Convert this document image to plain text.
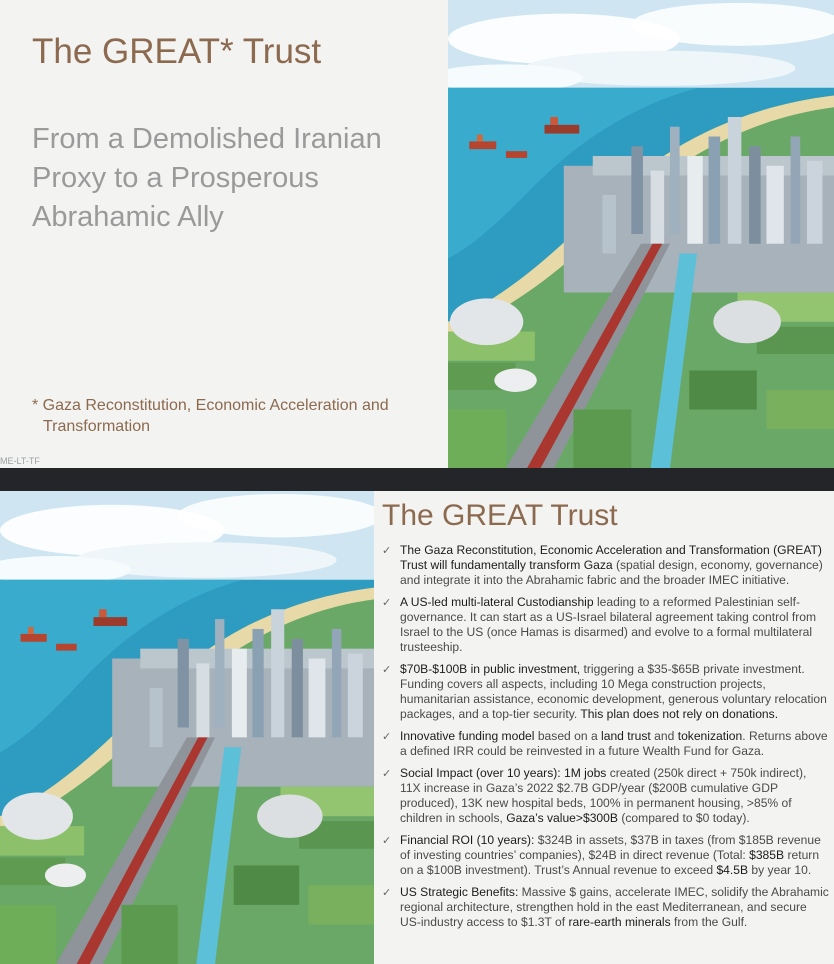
The GREAT* Trust
From a Demolished Iranian Proxy to a Prosperous Abrahamic Ally
* Gaza Reconstitution, Economic Acceleration and
Transformation
ME-LT-TF
The GREAT Trust
✓ The Gaza Reconstitution, Economic Acceleration and Transformation (GREAT) Trust will fundamentally transform Gaza (spatial design, economy, governance) and integrate it into the Abrahamic fabric and the broader IMEC initiative.
✓ A US-led multi-lateral Custodianship leading to a reformed Palestinian self-governance. It can start as a US-Israel bilateral agreement taking control from Israel to the US (once Hamas is disarmed) and evolve to a formal multilateral trusteeship.
✓ $70B-$100B in public investment, triggering a $35-$65B private investment. Funding covers all aspects, including 10 Mega construction projects, humanitarian assistance, economic development, generous voluntary relocation packages, and a top-tier security. This plan does not rely on donations.
✓ Innovative funding model based on a land trust and tokenization. Returns above a defined IRR could be reinvested in a future Wealth Fund for Gaza.
✓ Social Impact (over 10 years): 1M jobs created (250k direct + 750k indirect), 11X increase in Gaza’s 2022 $2.7B GDP/year ($200B cumulative GDP produced), 13K new hospital beds, 100% in permanent housing, >85% of children in schools, Gaza’s value>$300B (compared to $0 today).
✓ Financial ROI (10 years): $324B in assets, $37B in taxes (from $185B revenue of investing countries’ companies), $24B in direct revenue (Total: $385B return on a $100B investment). Trust’s Annual revenue to exceed $4.5B by year 10.
✓ US Strategic Benefits: Massive $ gains, accelerate IMEC, solidify the Abrahamic regional architecture, strengthen hold in the east Mediterranean, and secure US-industry access to $1.3T of rare-earth minerals from the Gulf.
